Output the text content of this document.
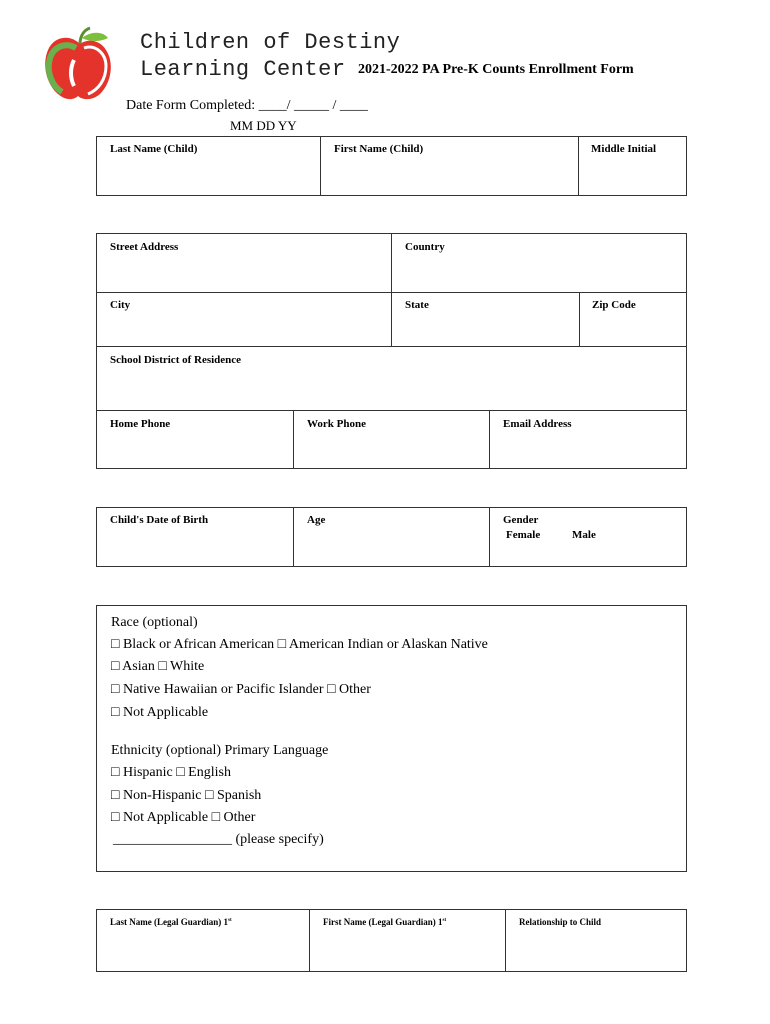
Children of Destiny
Learning Center 2021-2022 PA Pre-K Counts Enrollment Form
Date Form Completed: ____/ _____ / ____
MM DD YY
Last Name (Child)	First Name (Child)	Middle Initial
Street Address	Country
City	State	Zip Code
School District of Residence
Home Phone	Work Phone	Email Address
Child's Date of Birth	Age	Gender
Female	Male
Race (optional)
□ Black or African American □ American Indian or Alaskan Native
□ Asian □ White
□ Native Hawaiian or Pacific Islander □ Other
□ Not Applicable
Ethnicity (optional) Primary Language
□ Hispanic □ English
□ Non-Hispanic □ Spanish
□ Not Applicable □ Other
_________________ (please specify)
Last Name (Legal Guardian) 1st	First Name (Legal Guardian) 1st	Relationship to Child
